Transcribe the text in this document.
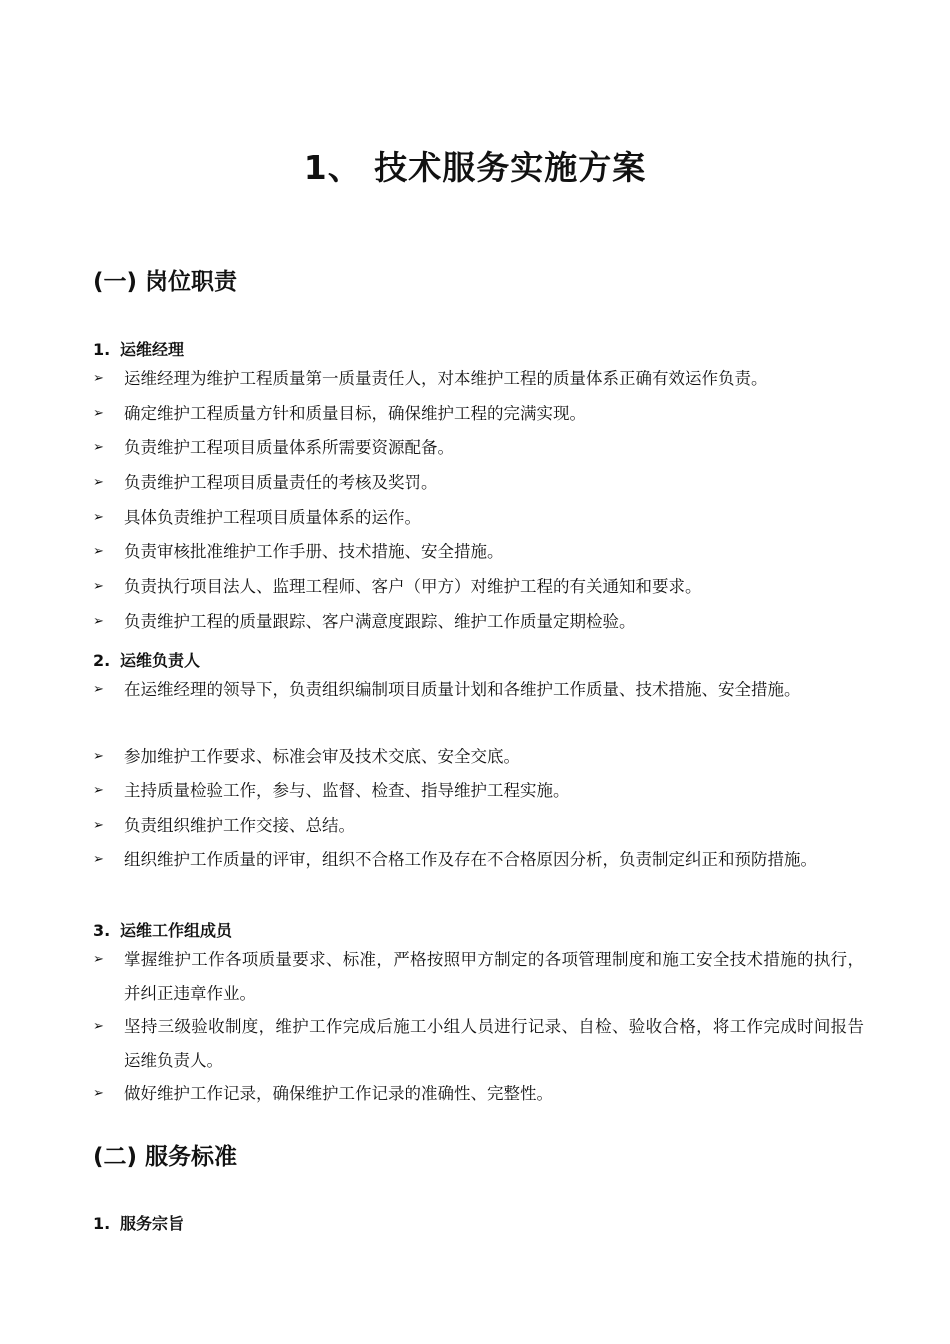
1、 技术服务实施方案
(一) 岗位职责
1. 运维经理
➢ 运维经理为维护工程质量第一质量责任人，对本维护工程的质量体系正确有效运作负责。
➢ 确定维护工程质量方针和质量目标，确保维护工程的完满实现。
➢ 负责维护工程项目质量体系所需要资源配备。
➢ 负责维护工程项目质量责任的考核及奖罚。
➢ 具体负责维护工程项目质量体系的运作。
➢ 负责审核批准维护工作手册、技术措施、安全措施。
➢ 负责执行项目法人、监理工程师、客户（甲方）对维护工程的有关通知和要求。
➢ 负责维护工程的质量跟踪、客户满意度跟踪、维护工作质量定期检验。
2. 运维负责人
➢ 在运维经理的领导下，负责组织编制项目质量计划和各维护工作质量、技术措施、安全措施。
➢ 参加维护工作要求、标准会审及技术交底、安全交底。
➢ 主持质量检验工作，参与、监督、检查、指导维护工程实施。
➢ 负责组织维护工作交接、总结。
➢ 组织维护工作质量的评审，组织不合格工作及存在不合格原因分析，负责制定纠正和预防措施。
3. 运维工作组成员
➢ 掌握维护工作各项质量要求、标准，严格按照甲方制定的各项管理制度和施工安全技术措施的执行，并纠正违章作业。
➢ 坚持三级验收制度，维护工作完成后施工小组人员进行记录、自检、验收合格，将工作完成时间报告运维负责人。
➢ 做好维护工作记录，确保维护工作记录的准确性、完整性。
(二) 服务标准
1. 服务宗旨
